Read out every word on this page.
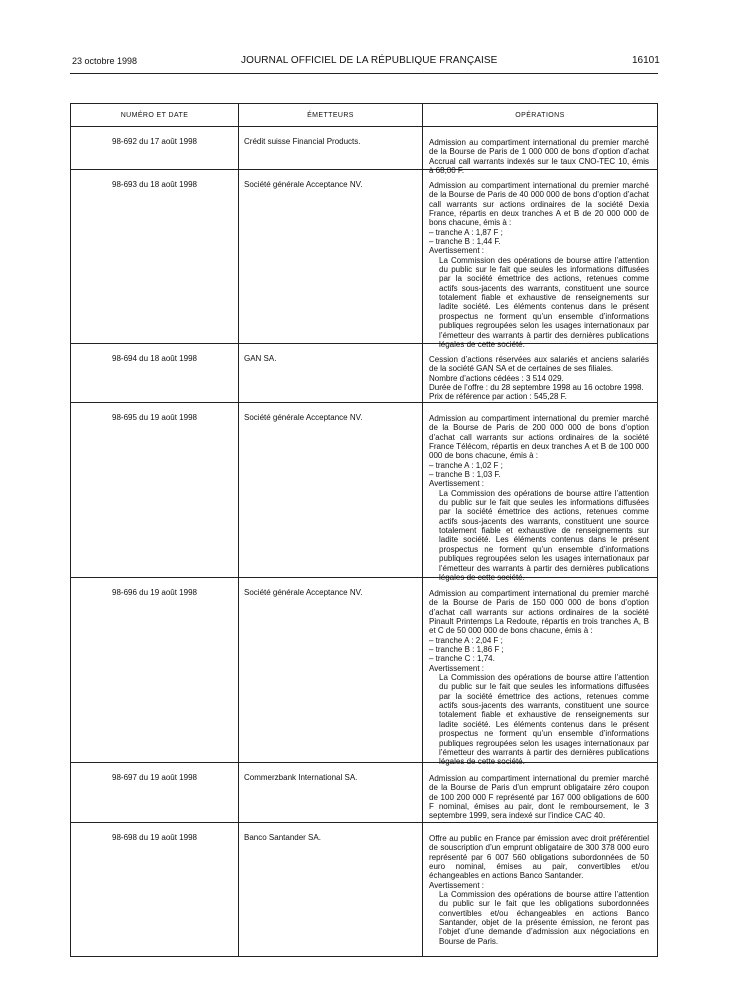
23 octobre 1998	JOURNAL OFFICIEL DE LA RÉPUBLIQUE FRANÇAISE	16101
NUMÉRO ET DATE	ÉMETTEURS	OPÉRATIONS
98-692 du 17 août 1998	Crédit suisse Financial Products.	Admission au compartiment international du premier marché de la Bourse de Paris de 1 000 000 de bons d’option d’achat Accrual call warrants indexés sur le taux CNO-TEC 10, émis à 68,00 F.
98-693 du 18 août 1998	Société générale Acceptance NV.	Admission au compartiment international du premier marché de la Bourse de Paris de 40 000 000 de bons d’option d’achat call warrants sur actions ordinaires de la société Dexia France, répartis en deux tranches A et B de 20 000 000 de bons chacune, émis à :
– tranche A : 1,87 F ;
– tranche B : 1,44 F.
Avertissement :
La Commission des opérations de bourse attire l’attention du public sur le fait que seules les informations diffusées par la société émettrice des actions, retenues comme actifs sous-jacents des warrants, constituent une source totalement fiable et exhaustive de renseignements sur ladite société. Les éléments contenus dans le présent prospectus ne forment qu’un ensemble d’informations publiques regroupées selon les usages internationaux par l’émetteur des warrants à partir des dernières publications légales de cette société.
98-694 du 18 août 1998	GAN SA.	Cession d’actions réservées aux salariés et anciens salariés de la société GAN SA et de certaines de ses filiales.
Nombre d’actions cédées : 3 514 029.
Durée de l’offre : du 28 septembre 1998 au 16 octobre 1998.
Prix de référence par action : 545,28 F.
98-695 du 19 août 1998	Société générale Acceptance NV.	Admission au compartiment international du premier marché de la Bourse de Paris de 200 000 000 de bons d’option d’achat call warrants sur actions ordinaires de la société France Télécom, répartis en deux tranches A et B de 100 000 000 de bons chacune, émis à :
– tranche A : 1,02 F ;
– tranche B : 1,03 F.
Avertissement :
La Commission des opérations de bourse attire l’attention du public sur le fait que seules les informations diffusées par la société émettrice des actions, retenues comme actifs sous-jacents des warrants, constituent une source totalement fiable et exhaustive de renseignements sur ladite société. Les éléments contenus dans le présent prospectus ne forment qu’un ensemble d’informations publiques regroupées selon les usages internationaux par l’émetteur des warrants à partir des dernières publications légales de cette société.
98-696 du 19 août 1998	Société générale Acceptance NV.	Admission au compartiment international du premier marché de la Bourse de Paris de 150 000 000 de bons d’option d’achat call warrants sur actions ordinaires de la société Pinault Printemps La Redoute, répartis en trois tranches A, B et C de 50 000 000 de bons chacune, émis à :
– tranche A : 2,04 F ;
– tranche B : 1,86 F ;
– tranche C : 1,74.
Avertissement :
La Commission des opérations de bourse attire l’attention du public sur le fait que seules les informations diffusées par la société émettrice des actions, retenues comme actifs sous-jacents des warrants, constituent une source totalement fiable et exhaustive de renseignements sur ladite société. Les éléments contenus dans le présent prospectus ne forment qu’un ensemble d’informations publiques regroupées selon les usages internationaux par l’émetteur des warrants à partir des dernières publications légales de cette société.
98-697 du 19 août 1998	Commerzbank International SA.	Admission au compartiment international du premier marché de la Bourse de Paris d’un emprunt obligataire zéro coupon de 100 200 000 F représenté par 167 000 obligations de 600 F nominal, émises au pair, dont le remboursement, le 3 septembre 1999, sera indexé sur l’indice CAC 40.
98-698 du 19 août 1998	Banco Santander SA.	Offre au public en France par émission avec droit préférentiel de souscription d’un emprunt obligataire de 300 378 000 euro représenté par 6 007 560 obligations subordonnées de 50 euro nominal, émises au pair, convertibles et/ou échangeables en actions Banco Santander.
Avertissement :
La Commission des opérations de bourse attire l’attention du public sur le fait que les obligations subordonnées convertibles et/ou échangeables en actions Banco Santander, objet de la présente émission, ne feront pas l’objet d’une demande d’admission aux négociations en Bourse de Paris.
